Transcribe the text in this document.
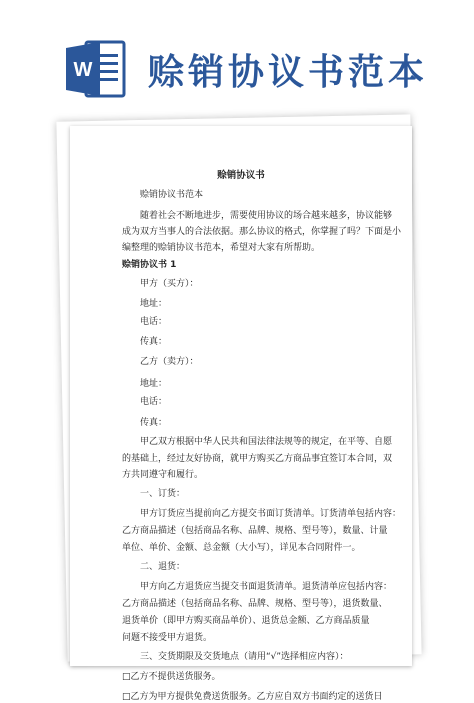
W 赊销协议书范本
赊销协议书
赊销协议书范本
随着社会不断地进步，需要使用协议的场合越来越多，协议能够
成为双方当事人的合法依据。那么协议的格式，你掌握了吗？下面是小
编整理的赊销协议书范本，希望对大家有所帮助。
赊销协议书 1
甲方（买方）：
地址：
电话：
传真：
乙方（卖方）：
地址：
电话：
传真：
甲乙双方根据中华人民共和国法律法规等的规定，在平等、自愿
的基础上，经过友好协商，就甲方购买乙方商品事宜签订本合同，双
方共同遵守和履行。
一、订货：
甲方订货应当提前向乙方提交书面订货清单。订货清单包括内容：
乙方商品描述（包括商品名称、品牌、规格、型号等），数量、计量
单位、单价、金额、总金额（大小写），详见本合同附件一。
二、退货：
甲方向乙方退货应当提交书面退货清单。退货清单应包括内容：
乙方商品描述（包括商品名称、品牌、规格、型号等），退货数量、
退货单价（即甲方购买商品单价）、退货总金额、乙方商品质量
问题不接受甲方退货。
三、交货期限及交货地点（请用“√”选择相应内容）：
□乙方不提供送货服务。
□乙方为甲方提供免费送货服务。乙方应自双方书面约定的送货日
